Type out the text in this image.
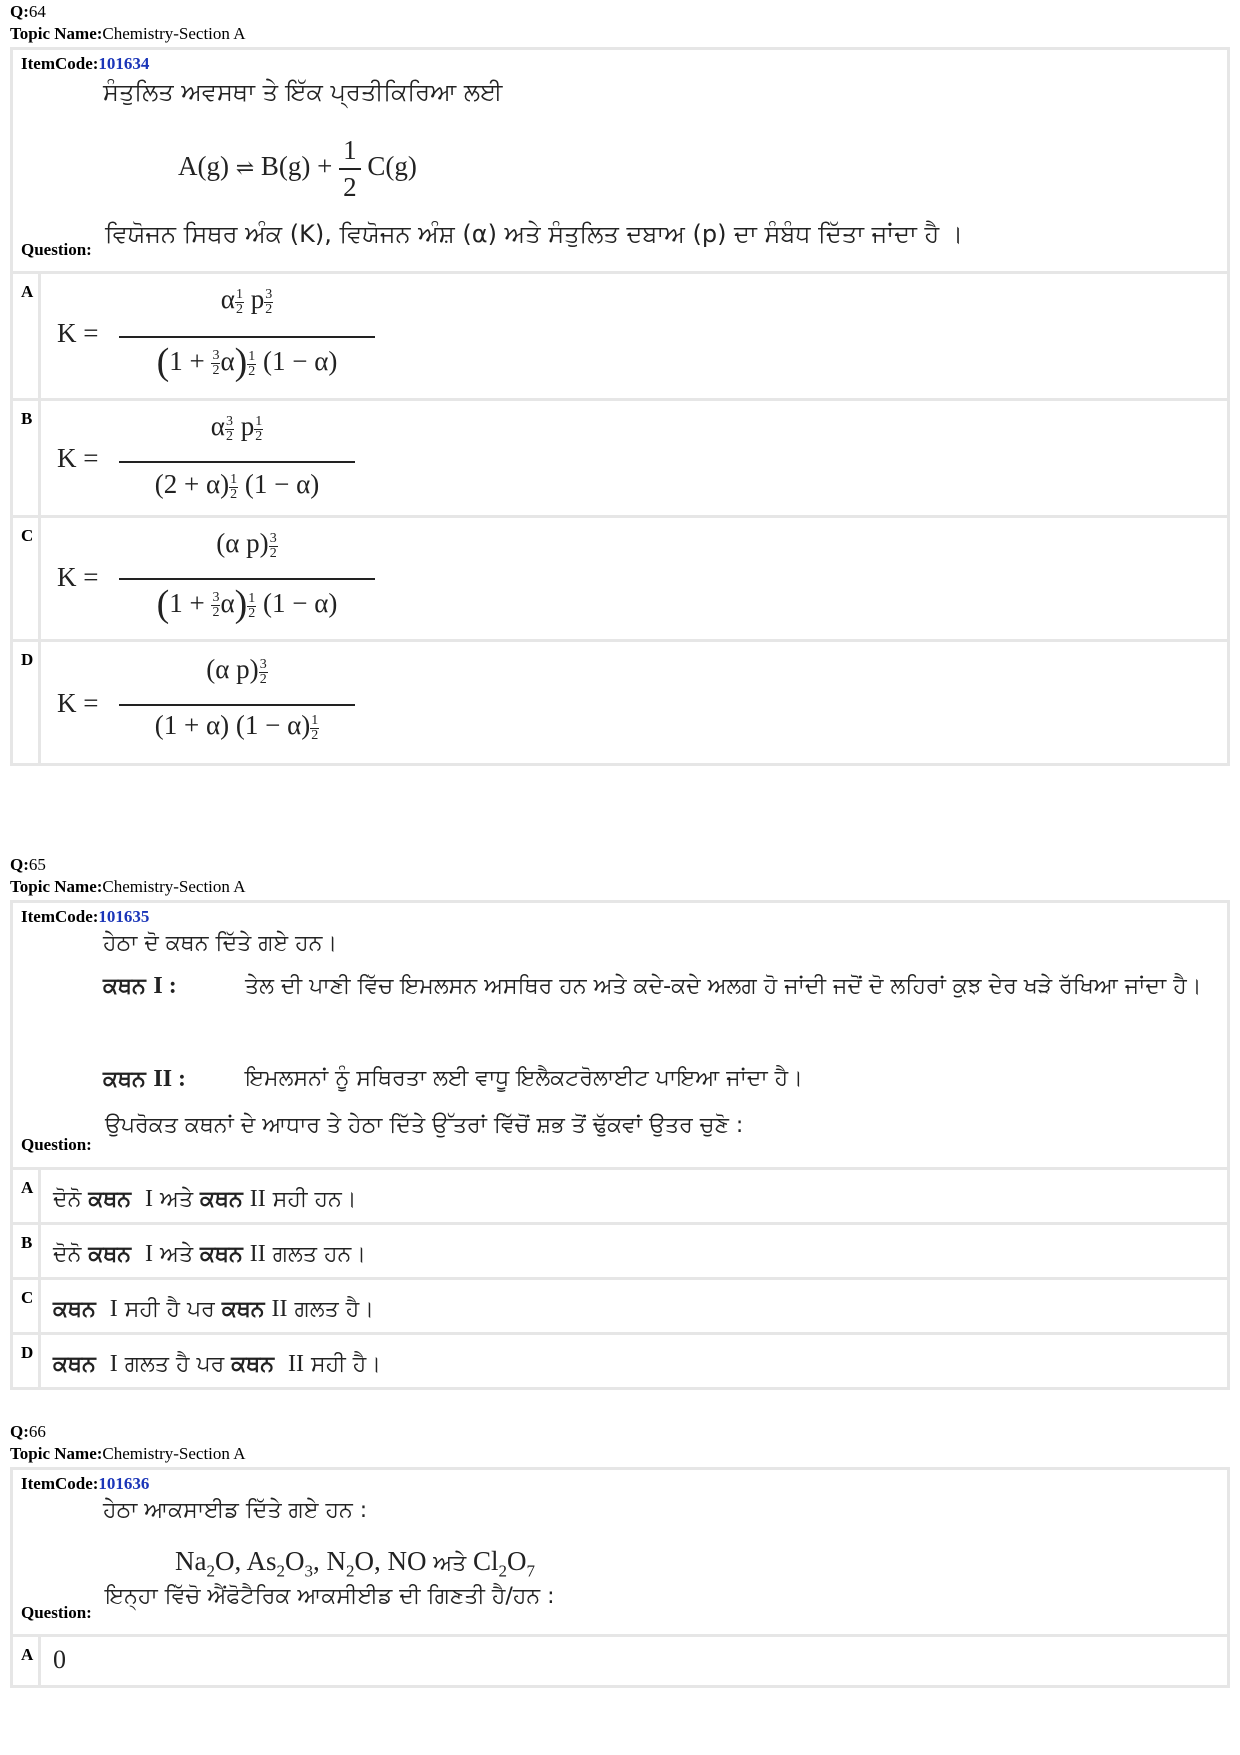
Q:64
Topic Name:Chemistry-Section A
ItemCode:101634
ਸੰਤੁਲਿਤ ਅਵਸਥਾ ਤੇ ਇੱਕ ਪ੍ਰਤੀਕਿਰਿਆ ਲਈ
A(g) ⇌ $B(g) + \frac{1}{2} C(g)$
Question:
ਵਿਯੋਜਨ ਸਿਥਰ ਅੰਕ (K), ਵਿਯੋਜਨ ਅੰਸ਼ (α) ਅਤੇ ਸੰਤੁਲਿਤ ਦਬਾਅ (p) ਦਾ ਸੰਬੰਧ ਦਿੱਤਾ ਜਾਂਦਾ ਹੈ ।
A
K =
α $\frac{1}{2}$ p $\frac{3}{2}$
$(1 + \frac{3}{2} \alpha) \frac{1}{2} (1 - \alpha)$
B
K =
α $\frac{3}{2}$ p $\frac{1}{2}$
$(2 + \alpha) \frac{1}{2} (1 - \alpha)$
C
K =
(α $p) \frac{3}{2}$
$(1 + \frac{3}{2} \alpha) \frac{1}{2} (1 - \alpha)$
D
K =
(α $p) \frac{3}{2}$
(1 + α) $(1 - \alpha) \frac{1}{2}$
Q:65
Topic Name:Chemistry-Section A
ItemCode:101635
ਹੇਠਾ ਦੋ ਕਥਨ ਦਿੱਤੇ ਗਏ ਹਨ।
ਕਥਨ I :	ਤੇਲ ਦੀ ਪਾਣੀ ਵਿੱਚ ਇਮਲਸਨ ਅਸਥਿਰ ਹਨ ਅਤੇ ਕਦੇ-ਕਦੇ ਅਲਗ ਹੋ ਜਾਂਦੀ ਜਦੋਂ ਦੋ ਲਹਿਰਾਂ ਕੁਝ ਦੇਰ ਖੜੇ ਰੱਖਿਆ ਜਾਂਦਾ ਹੈ।
ਕਥਨ II :	ਇਮਲਸਨਾਂ ਨੂੰ ਸਥਿਰਤਾ ਲਈ ਵਾਧੂ ਇਲੈਕਟਰੋਲਾਈਟ ਪਾਇਆ ਜਾਂਦਾ ਹੈ।
Question:
ਉਪਰੋਕਤ ਕਥਨਾਂ ਦੇ ਆਧਾਰ ਤੇ ਹੇਠਾ ਦਿੱਤੇ ਉੱਤਰਾਂ ਵਿੱਚੋਂ ਸ਼ਭ ਤੋਂ ਢੁੱਕਵਾਂ ਉਤਰ ਚੁਣੋ :
A ਦੋਨੋ ਕਥਨ I ਅਤੇ ਕਥਨ II ਸਹੀ ਹਨ।
B ਦੋਨੋ ਕਥਨ I ਅਤੇ ਕਥਨ II ਗਲਤ ਹਨ।
C ਕਥਨ I ਸਹੀ ਹੈ ਪਰ ਕਥਨ II ਗਲਤ ਹੈ।
D ਕਥਨ I ਗਲਤ ਹੈ ਪਰ ਕਥਨ II ਸਹੀ ਹੈ।
Q:66
Topic Name:Chemistry-Section A
ItemCode:101636
ਹੇਠਾ ਆਕਸਾਈਡ ਦਿੱਤੇ ਗਏ ਹਨ :
$Na_2O$, $As_2O_3$, $N_2O$, NO ਅਤੇ $Cl_2O_7$
Question:
ਇਨ੍ਹਾ ਵਿੱਚੋ ਐਂਫੋਟੈਰਿਕ ਆਕਸੀਈਡ ਦੀ ਗਿਣਤੀ ਹੈ/ਹਨ :
A 0
